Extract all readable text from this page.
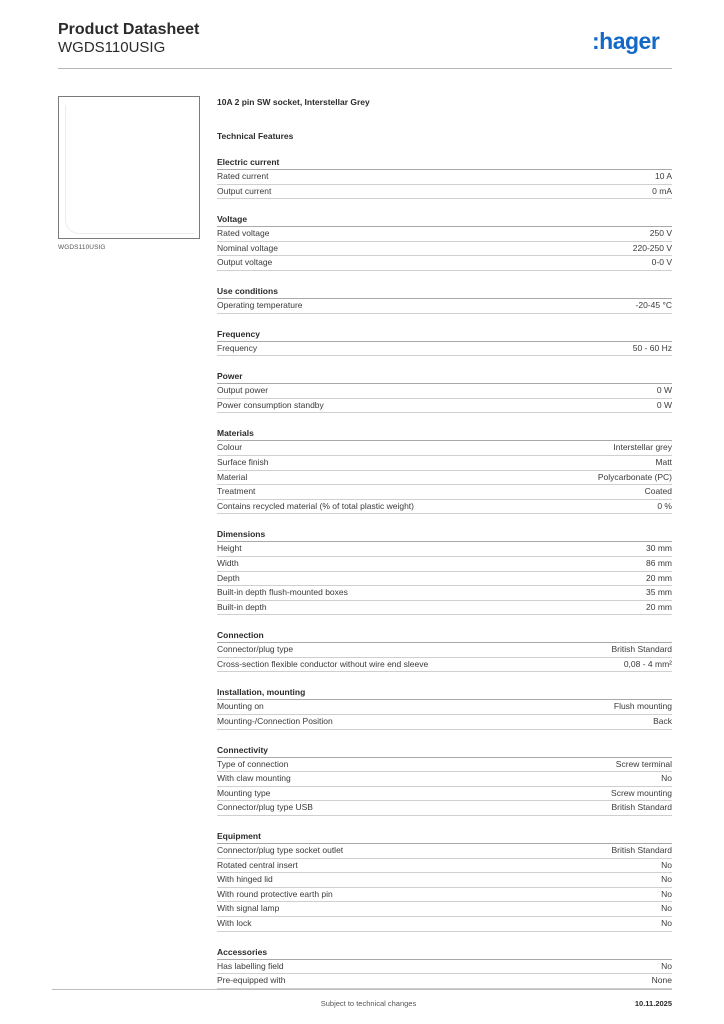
Product Datasheet
WGDS110USIG	:hager
WGDS110USIG
10A 2 pin SW socket, Interstellar Grey
Technical Features
Electric current
Rated current	10 A
Output current	0 mA
Voltage
Rated voltage	250 V
Nominal voltage	220-250 V
Output voltage	0-0 V
Use conditions
Operating temperature	-20-45 °C
Frequency
Frequency	50 - 60 Hz
Power
Output power	0 W
Power consumption standby	0 W
Materials
Colour	Interstellar grey
Surface finish	Matt
Material	Polycarbonate (PC)
Treatment	Coated
Contains recycled material (% of total plastic weight)	0 %
Dimensions
Height	30 mm
Width	86 mm
Depth	20 mm
Built-in depth flush-mounted boxes	35 mm
Built-in depth	20 mm
Connection
Connector/plug type	British Standard
Cross-section flexible conductor without wire end sleeve	0,08 - 4 mm²
Installation, mounting
Mounting on	Flush mounting
Mounting-/Connection Position	Back
Connectivity
Type of connection	Screw terminal
With claw mounting	No
Mounting type	Screw mounting
Connector/plug type USB	British Standard
Equipment
Connector/plug type socket outlet	British Standard
Rotated central insert	No
With hinged lid	No
With round protective earth pin	No
With signal lamp	No
With lock	No
Accessories
Has labelling field	No
Pre-equipped with	None
Subject to technical changes	10.11.2025
